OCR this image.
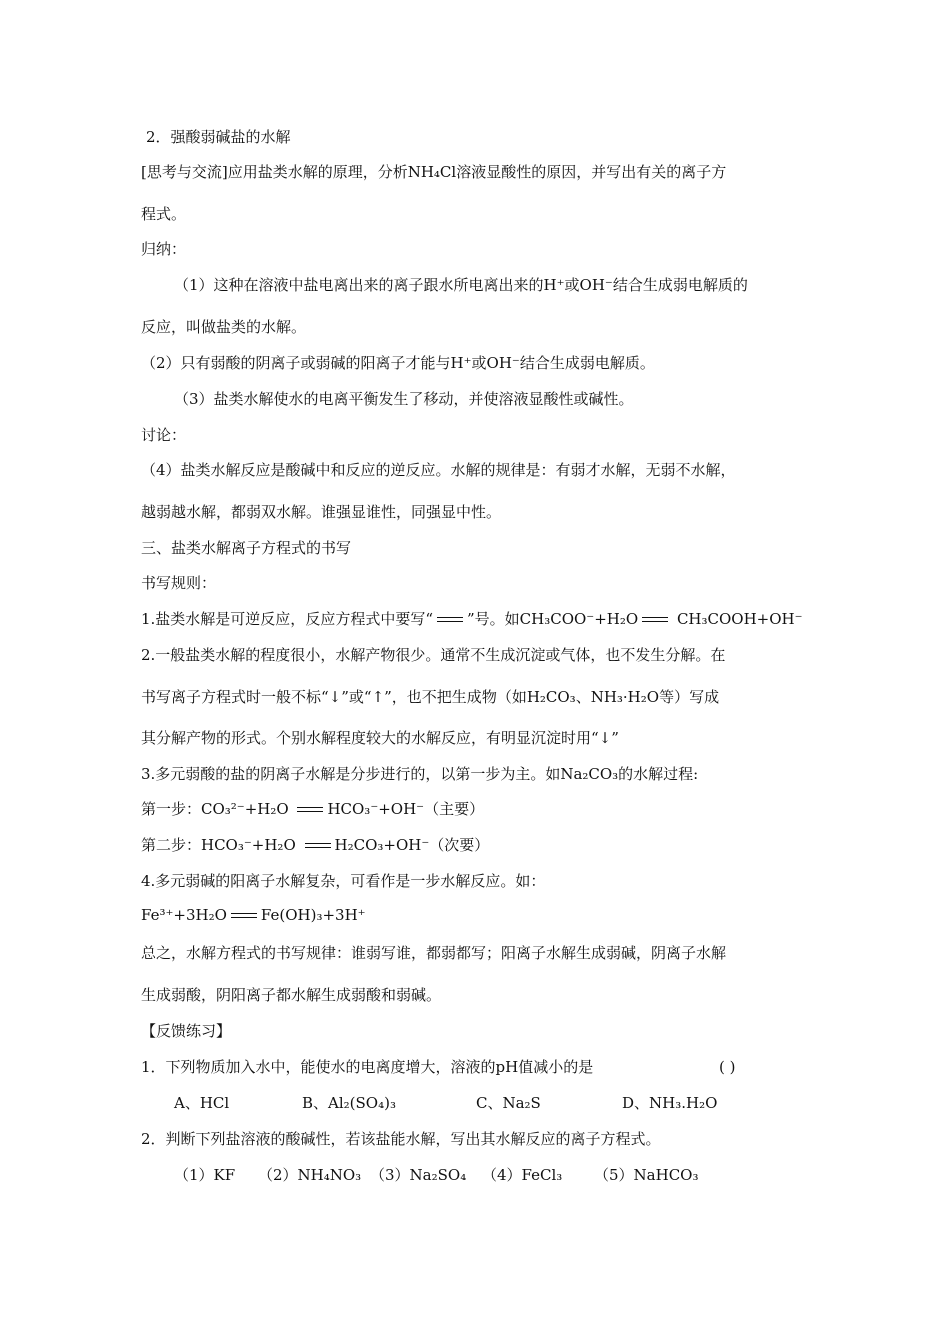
2．强酸弱碱盐的水解
[思考与交流]应用盐类水解的原理，分析NH₄Cl溶液显酸性的原因，并写出有关的离子方
程式。
归纳：
（1）这种在溶液中盐电离出来的离子跟水所电离出来的H⁺或OH⁻结合生成弱电解质的
反应，叫做盐类的水解。
（2）只有弱酸的阴离子或弱碱的阳离子才能与H⁺或OH⁻结合生成弱电解质。
（3）盐类水解使水的电离平衡发生了移动，并使溶液显酸性或碱性。
讨论：
（4）盐类水解反应是酸碱中和反应的逆反应。水解的规律是：有弱才水解，无弱不水解，
越弱越水解，都弱双水解。谁强显谁性，同强显中性。
三、盐类水解离子方程式的书写
书写规则：
1.盐类水解是可逆反应，反应方程式中要写“ ”号。如CH₃COO⁻+H₂O CH₃COOH+OH⁻
2.一般盐类水解的程度很小，水解产物很少。通常不生成沉淀或气体，也不发生分解。在
书写离子方程式时一般不标“↓”或“↑”，也不把生成物（如H₂CO₃、NH₃·H₂O等）写成
其分解产物的形式。个别水解程度较大的水解反应，有明显沉淀时用“↓”
3.多元弱酸的盐的阴离子水解是分步进行的，以第一步为主。如Na₂CO₃的水解过程:
第一步：CO₃²⁻+H₂O HCO₃⁻+OH⁻（主要）
第二步：HCO₃⁻+H₂O H₂CO₃+OH⁻（次要）
4.多元弱碱的阳离子水解复杂，可看作是一步水解反应。如：
Fe³⁺+3H₂O Fe(OH)₃+3H⁺
总之，水解方程式的书写规律：谁弱写谁，都弱都写；阳离子水解生成弱碱，阴离子水解
生成弱酸，阴阳离子都水解生成弱酸和弱碱。
【反馈练习】
1．下列物质加入水中，能使水的电离度增大，溶液的pH值减小的是	( )
A、HCl	B、Al₂(SO₄)₃	C、Na₂S	D、NH₃.H₂O
2．判断下列盐溶液的酸碱性，若该盐能水解，写出其水解反应的离子方程式。
（1）KF （2）NH₄NO₃ （3）Na₂SO₄ （4）FeCl₃ （5）NaHCO₃
